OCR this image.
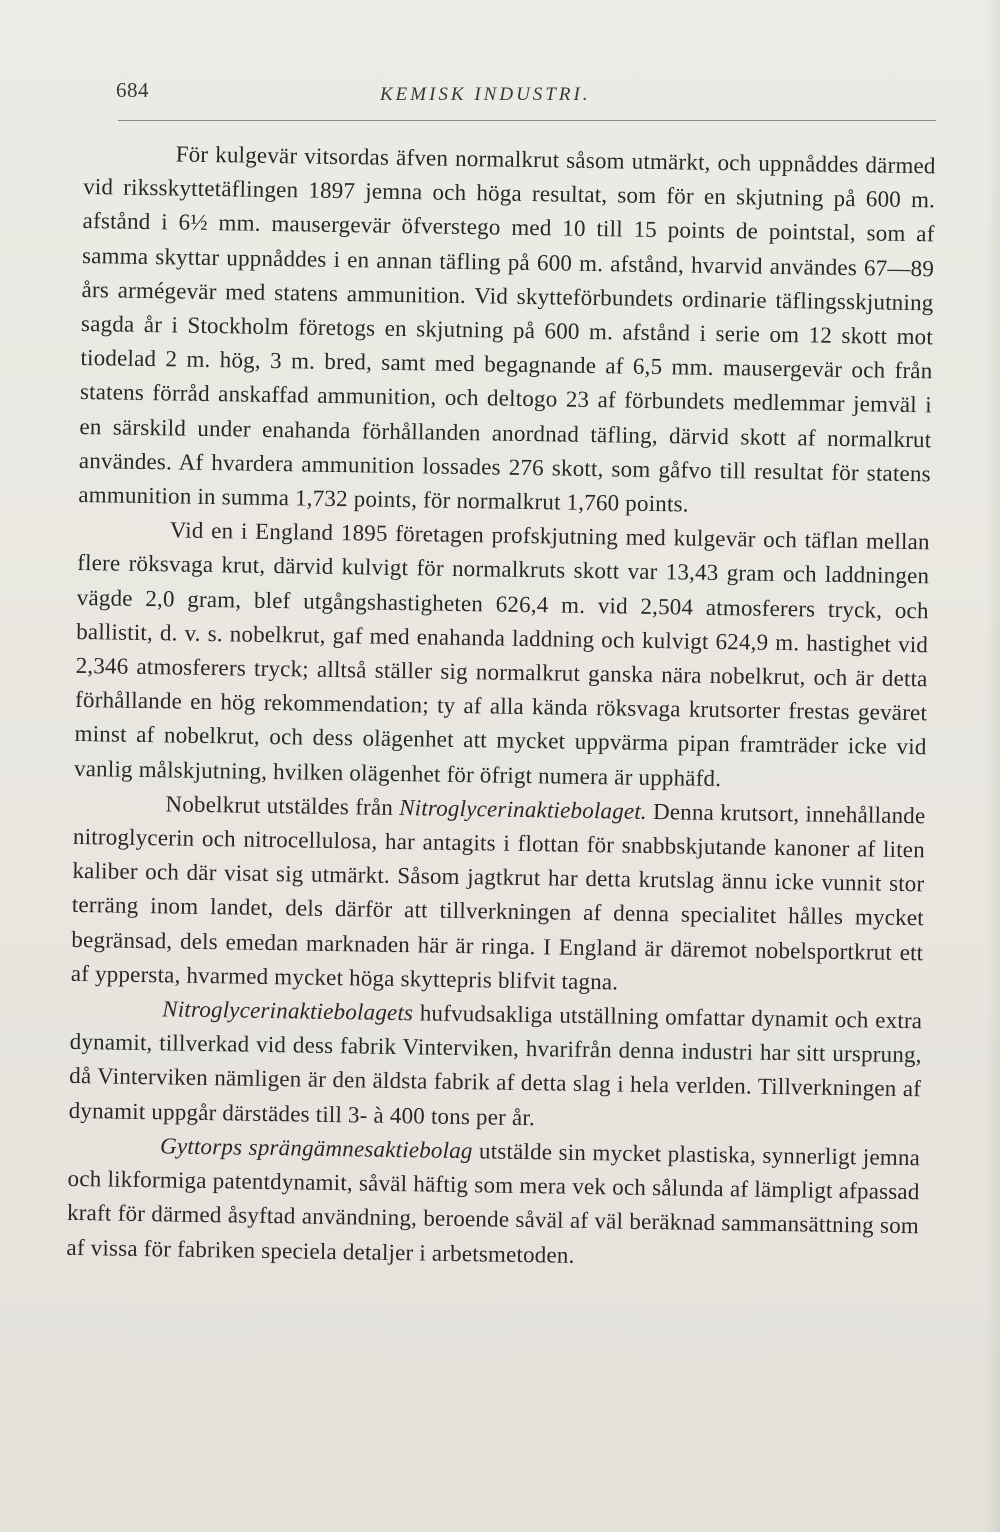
684	KEMISK INDUSTRI.

För kulgevär vitsordas äfven normalkrut såsom utmärkt, och uppnåddes därmed vid riksskyttetäflingen 1897 jemna och höga resultat, som för en skjutning på 600 m. afstånd i 6½ mm. mausergevär öfverstego med 10 till 15 points de pointstal, som af samma skyttar uppnåddes i en annan täfling på 600 m. afstånd, hvarvid användes 67—89 års armégevär med statens ammunition. Vid skytteförbundets ordinarie täflingsskjutning sagda år i Stockholm företogs en skjutning på 600 m. afstånd i serie om 12 skott mot tiodelad 2 m. hög, 3 m. bred, samt med begagnande af 6,5 mm. mausergevär och från statens förråd anskaffad ammunition, och deltogo 23 af förbundets medlemmar jemväl i en särskild under enahanda förhållanden anordnad täfling, därvid skott af normalkrut användes. Af hvardera ammunition lossades 276 skott, som gåfvo till resultat för statens ammunition in summa 1,732 points, för normalkrut 1,760 points.

Vid en i England 1895 företagen profskjutning med kulgevär och täflan mellan flere röksvaga krut, därvid kulvigt för normalkruts skott var 13,43 gram och laddningen vägde 2,0 gram, blef utgångshastigheten 626,4 m. vid 2,504 atmosferers tryck, och ballistit, d. v. s. nobelkrut, gaf med enahanda laddning och kulvigt 624,9 m. hastighet vid 2,346 atmosferers tryck; alltså ställer sig normalkrut ganska nära nobelkrut, och är detta förhållande en hög rekommendation; ty af alla kända röksvaga krutsorter frestas geväret minst af nobelkrut, och dess olägenhet att mycket uppvärma pipan framträder icke vid vanlig målskjutning, hvilken olägenhet för öfrigt numera är upphäfd.

Nobelkrut utstäldes från Nitroglycerinaktiebolaget. Denna krutsort, innehållande nitroglycerin och nitrocellulosa, har antagits i flottan för snabbskjutande kanoner af liten kaliber och där visat sig utmärkt. Såsom jagtkrut har detta krutslag ännu icke vunnit stor terräng inom landet, dels därför att tillverkningen af denna specialitet hålles mycket begränsad, dels emedan marknaden här är ringa. I England är däremot nobelsportkrut ett af yppersta, hvarmed mycket höga skyttepris blifvit tagna.

Nitroglycerinaktiebolagets hufvudsakliga utställning omfattar dynamit och extra dynamit, tillverkad vid dess fabrik Vinterviken, hvarifrån denna industri har sitt ursprung, då Vinterviken nämligen är den äldsta fabrik af detta slag i hela verlden. Tillverkningen af dynamit uppgår därstädes till 3- à 400 tons per år.

Gyttorps sprängämnesaktiebolag utstälde sin mycket plastiska, synnerligt jemna och likformiga patentdynamit, såväl häftig som mera vek och sålunda af lämpligt afpassad kraft för därmed åsyftad användning, beroende såväl af väl beräknad sammansättning som af vissa för fabriken speciela detaljer i arbetsmetoden.
